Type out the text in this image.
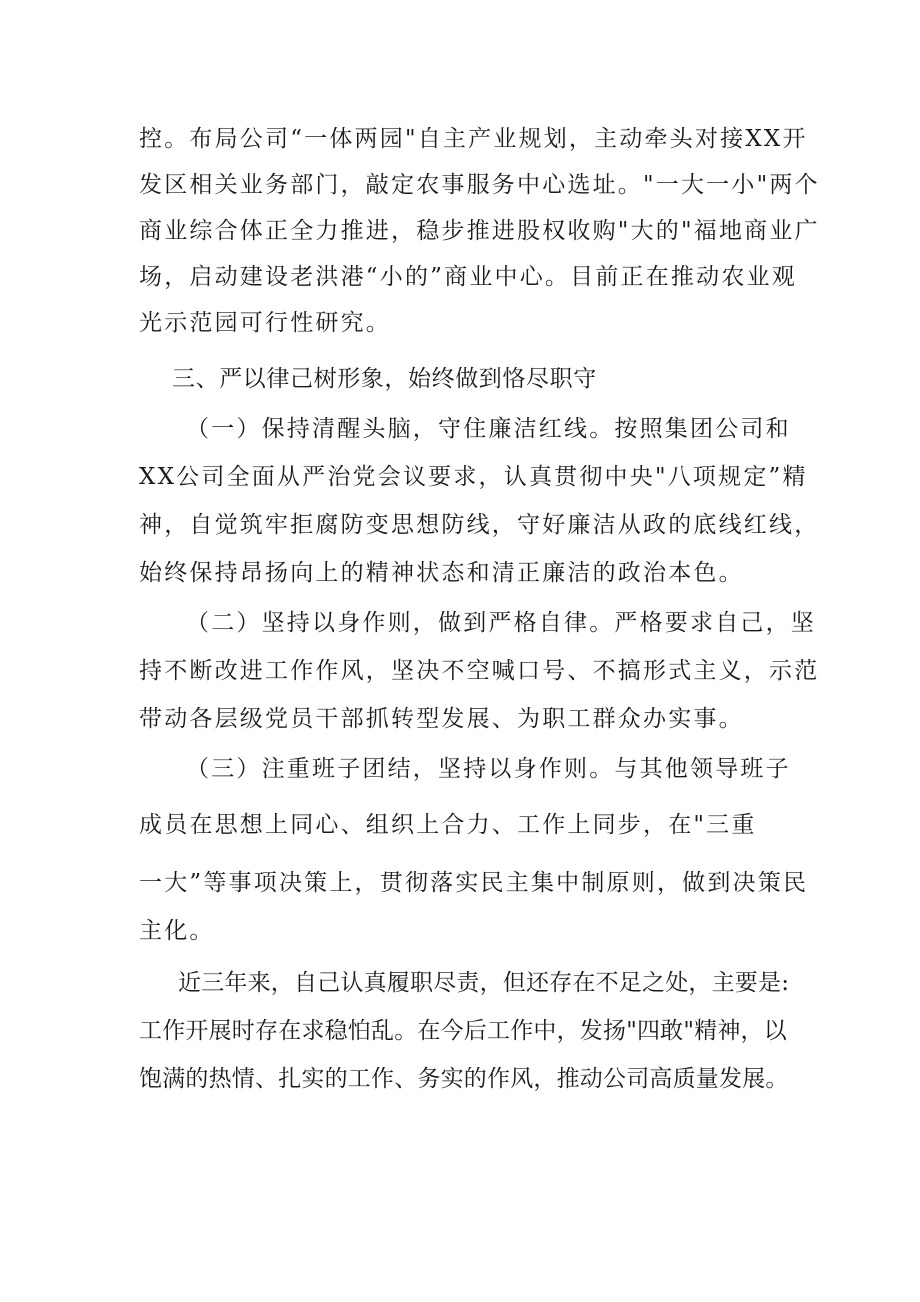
控。布局公司“一体两园"自主产业规划，主动牵头对接XX开
发区相关业务部门，敲定农事服务中心选址。"一大一小"两个
商业综合体正全力推进，稳步推进股权收购"大的"福地商业广
场，启动建设老洪港“小的”商业中心。目前正在推动农业观
光示范园可行性研究。
三、严以律己树形象，始终做到恪尽职守
（一）保持清醒头脑，守住廉洁红线。按照集团公司和
XX公司全面从严治党会议要求，认真贯彻中央"八项规定”精
神，自觉筑牢拒腐防变思想防线，守好廉洁从政的底线红线，
始终保持昂扬向上的精神状态和清正廉洁的政治本色。
（二）坚持以身作则，做到严格自律。严格要求自己，坚
持不断改进工作作风，坚决不空喊口号、不搞形式主义，示范
带动各层级党员干部抓转型发展、为职工群众办实事。
（三）注重班子团结，坚持以身作则。与其他领导班子
成员在思想上同心、组织上合力、工作上同步，在"三重
一大”等事项决策上，贯彻落实民主集中制原则，做到决策民
主化。
近三年来，自己认真履职尽责，但还存在不足之处，主要是:
工作开展时存在求稳怕乱。在今后工作中，发扬"四敢"精神，以
饱满的热情、扎实的工作、务实的作风，推动公司高质量发展。
